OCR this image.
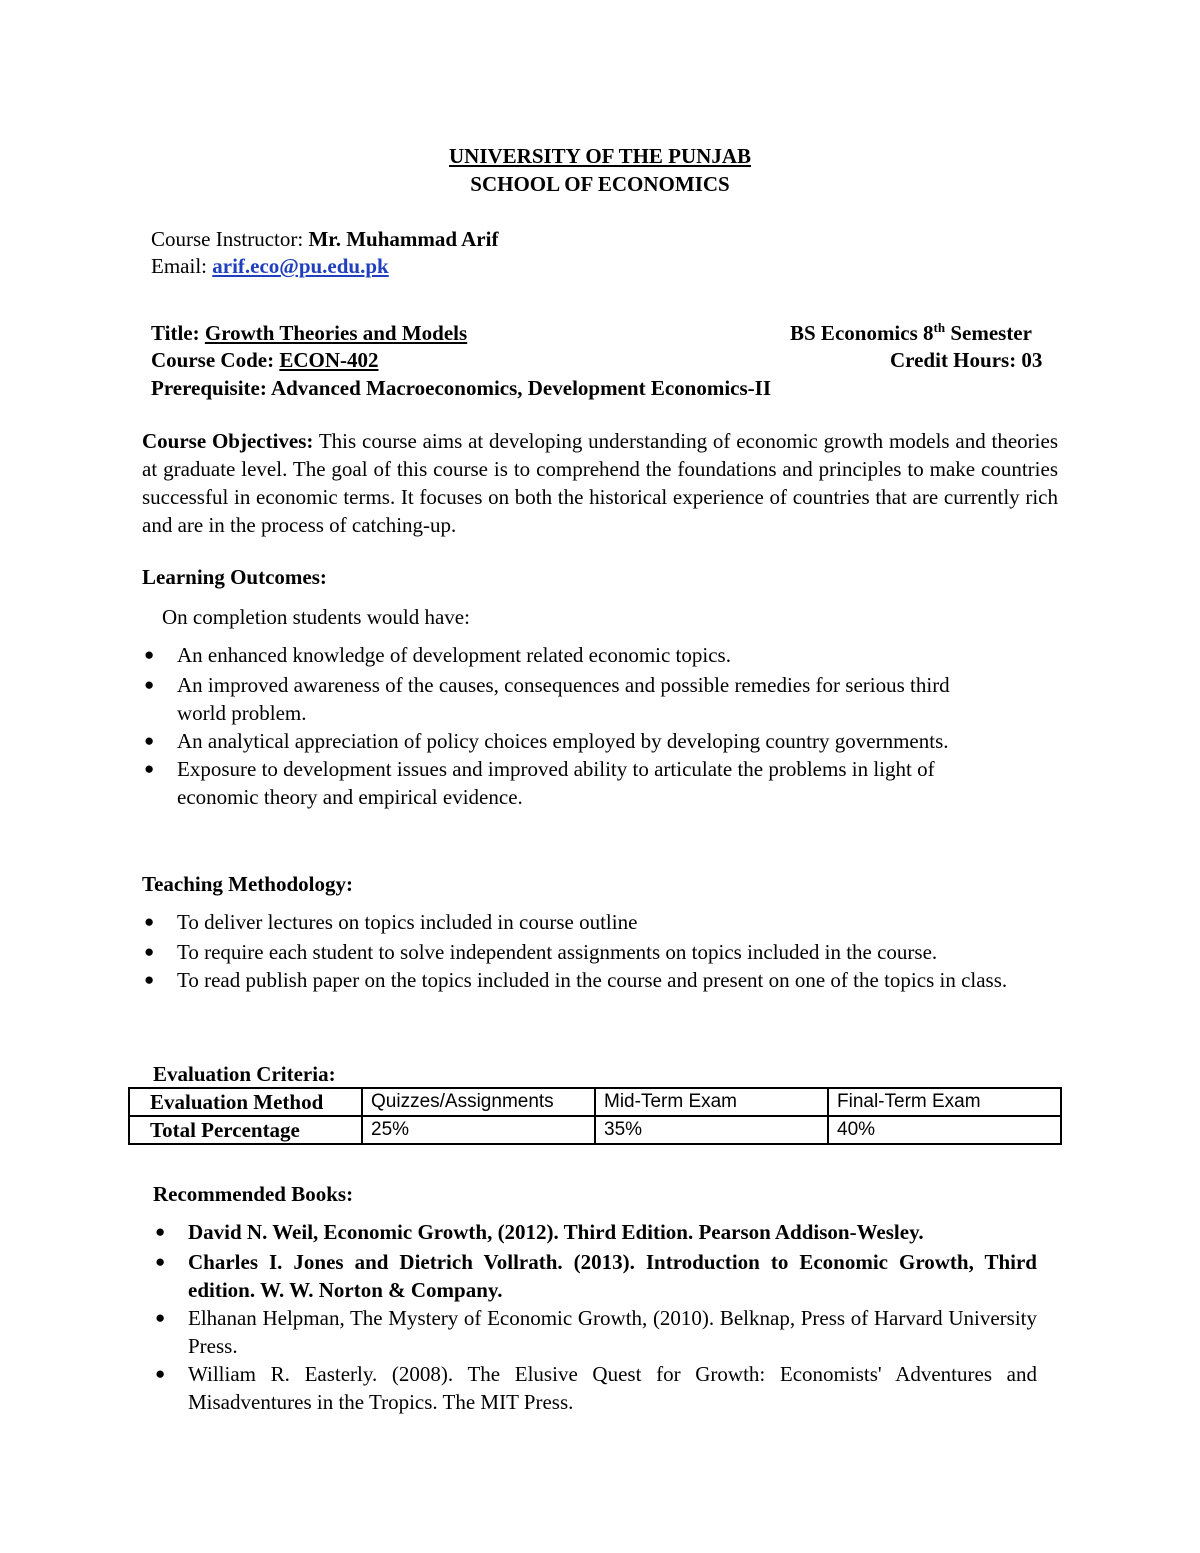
UNIVERSITY OF THE PUNJAB
SCHOOL OF ECONOMICS
Course Instructor: Mr. Muhammad Arif
Email: arif.eco@pu.edu.pk
Title: Growth Theories and Models	BS Economics 8th Semester
Course Code: ECON-402	Credit Hours: 03
Prerequisite: Advanced Macroeconomics, Development Economics-II
Course Objectives: This course aims at developing understanding of economic growth models and theories at graduate level. The goal of this course is to comprehend the foundations and principles to make countries successful in economic terms. It focuses on both the historical experience of countries that are currently rich and are in the process of catching-up.
Learning Outcomes:
On completion students would have:
● An enhanced knowledge of development related economic topics.
● An improved awareness of the causes, consequences and possible remedies for serious third world problem.
● An analytical appreciation of policy choices employed by developing country governments.
● Exposure to development issues and improved ability to articulate the problems in light of economic theory and empirical evidence.
Teaching Methodology:
● To deliver lectures on topics included in course outline
● To require each student to solve independent assignments on topics included in the course.
● To read publish paper on the topics included in the course and present on one of the topics in class.
Evaluation Criteria:
Evaluation Method	Quizzes/Assignments	Mid-Term Exam	Final-Term Exam
Total Percentage	25%	35%	40%
Recommended Books:
● David N. Weil, Economic Growth, (2012). Third Edition. Pearson Addison-Wesley.
● Charles I. Jones and Dietrich Vollrath. (2013). Introduction to Economic Growth, Third edition. W. W. Norton & Company.
● Elhanan Helpman, The Mystery of Economic Growth, (2010). Belknap, Press of Harvard University Press.
● William R. Easterly. (2008). The Elusive Quest for Growth: Economists' Adventures and Misadventures in the Tropics. The MIT Press.
